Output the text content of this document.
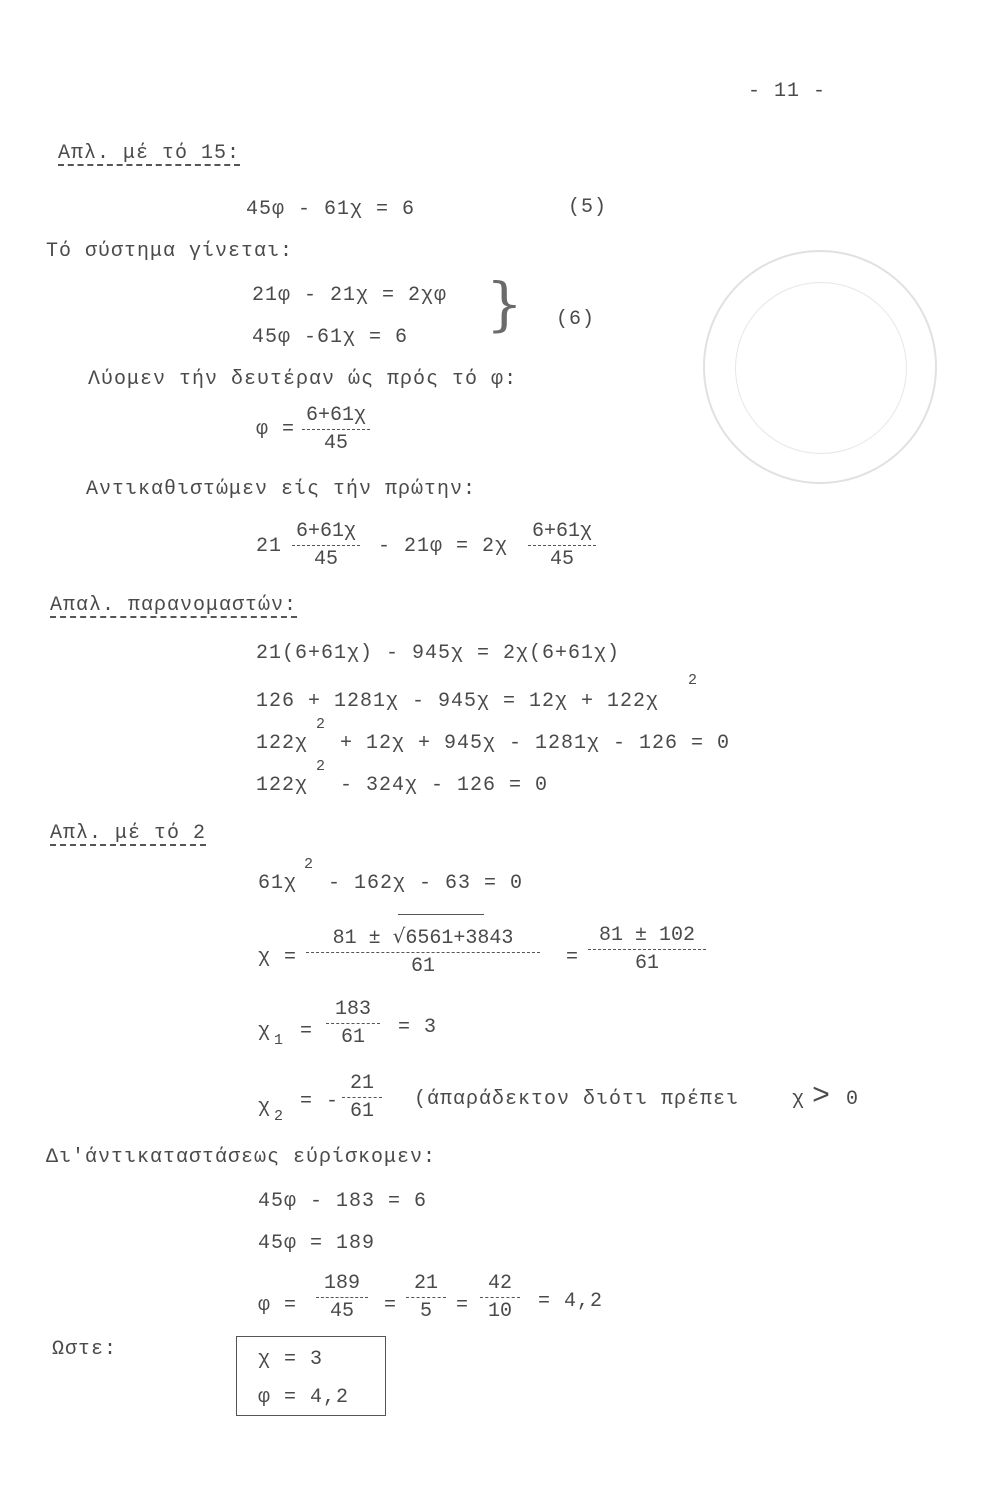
- 11 -
Απλ. μέ τό 15:
45φ - 61χ = 6	(5)
Τό σύστημα γίνεται:
21φ - 21χ = 2χφ
45φ -61χ = 6 } (6)
Λύομεν τήν δευτέραν ώς πρός τό φ:
φ =
6+61χ
45
Αντικαθιστώμεν είς τήν πρώτην:
21
6+61χ
45
- 21φ = 2χ
6+61χ
45
Απαλ. παρανομαστών:
21(6+61χ) - 945χ = 2χ(6+61χ)
126 + 1281χ - 945χ = 12χ + 122χ
2
122χ
2
+ 12χ + 945χ - 1281χ - 126 = 0
122χ
2
- 324χ - 126 = 0
Απλ. μέ τό 2
61χ
2
- 162χ - 63 = 0
χ =
81 ± √6561+3843
61	=
81 ± 102
61
χ 1 =
183
61	= 3
χ 2
= -
21
61
(άπαράδεκτον διότι πρέπει	χ > 0
Δι'άντικαταστάσεως εύρίσκομεν:
45φ - 183 = 6
45φ = 189
φ =
189
45	=
21
5	=
42
10	= 4,2
Ωστε:	χ = 3
φ = 4,2
